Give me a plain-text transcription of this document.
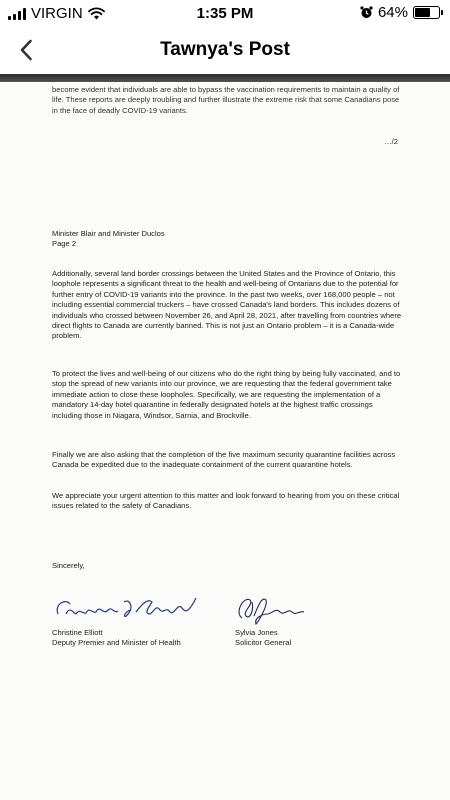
VIRGIN	1:35 PM	64%
Tawnya's Post

become evident that individuals are able to bypass the vaccination requirements to maintain a quality of life. These reports are deeply troubling and further illustrate the extreme risk that some Canadians pose in the face of deadly COVID-19 variants.

…/2

Minister Blair and Minister Duclos
Page 2

Additionally, several land border crossings between the United States and the Province of Ontario, this loophole represents a significant threat to the health and well-being of Ontarians due to the potential for further entry of COVID-19 variants into the province. In the past two weeks, over 168,000 people – not including essential commercial truckers – have crossed Canada's land borders. This includes dozens of individuals who crossed between November 26, and April 28, 2021, after travelling from countries where direct flights to Canada are currently banned. This is not just an Ontario problem – it is a Canada-wide problem.

To protect the lives and well-being of our citizens who do the right thing by being fully vaccinated, and to stop the spread of new variants into our province, we are requesting that the federal government take immediate action to close these loopholes. Specifically, we are requesting the implementation of a mandatory 14-day hotel quarantine in federally designated hotels at the highest traffic crossings including those in Niagara, Windsor, Sarnia, and Brockville.

Finally we are also asking that the completion of the five maximum security quarantine facilities across Canada be expedited due to the inadequate containment of the current quarantine hotels.

We appreciate your urgent attention to this matter and look forward to hearing from you on these critical issues related to the safety of Canadians.

Sincerely,

Christine Elliott
Deputy Premier and Minister of Health
Sylvia Jones
Solicitor General
